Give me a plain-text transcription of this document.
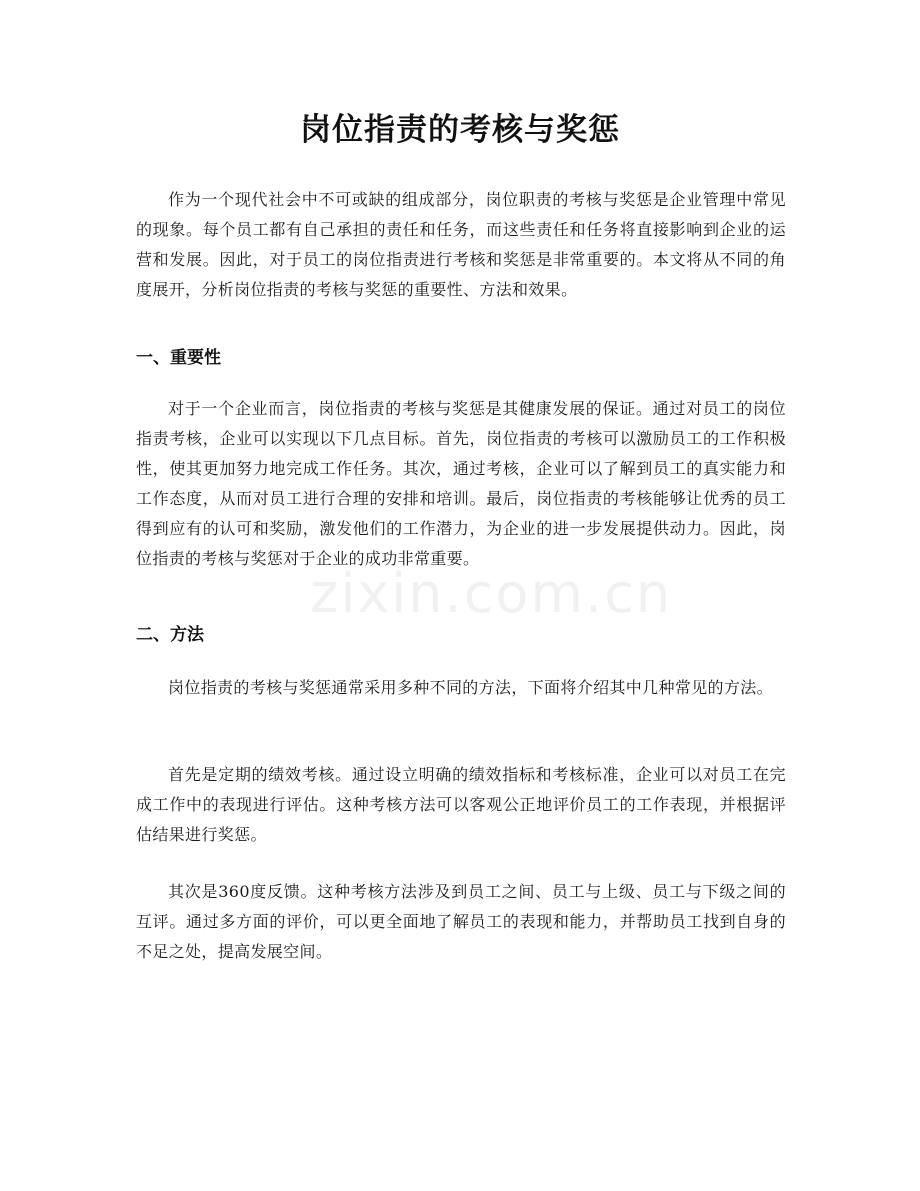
岗位指责的考核与奖惩

作为一个现代社会中不可或缺的组成部分，岗位职责的考核与奖惩是企业管理中常见的现象。每个员工都有自己承担的责任和任务，而这些责任和任务将直接影响到企业的运营和发展。因此，对于员工的岗位指责进行考核和奖惩是非常重要的。本文将从不同的角度展开，分析岗位指责的考核与奖惩的重要性、方法和效果。

一、重要性

对于一个企业而言，岗位指责的考核与奖惩是其健康发展的保证。通过对员工的岗位指责考核，企业可以实现以下几点目标。首先，岗位指责的考核可以激励员工的工作积极性，使其更加努力地完成工作任务。其次，通过考核，企业可以了解到员工的真实能力和工作态度，从而对员工进行合理的安排和培训。最后，岗位指责的考核能够让优秀的员工得到应有的认可和奖励，激发他们的工作潜力，为企业的进一步发展提供动力。因此，岗位指责的考核与奖惩对于企业的成功非常重要。

二、方法

岗位指责的考核与奖惩通常采用多种不同的方法，下面将介绍其中几种常见的方法。

首先是定期的绩效考核。通过设立明确的绩效指标和考核标准，企业可以对员工在完成工作中的表现进行评估。这种考核方法可以客观公正地评价员工的工作表现，并根据评估结果进行奖惩。

其次是360度反馈。这种考核方法涉及到员工之间、员工与上级、员工与下级之间的互评。通过多方面的评价，可以更全面地了解员工的表现和能力，并帮助员工找到自身的不足之处，提高发展空间。

zixin.com.cn
